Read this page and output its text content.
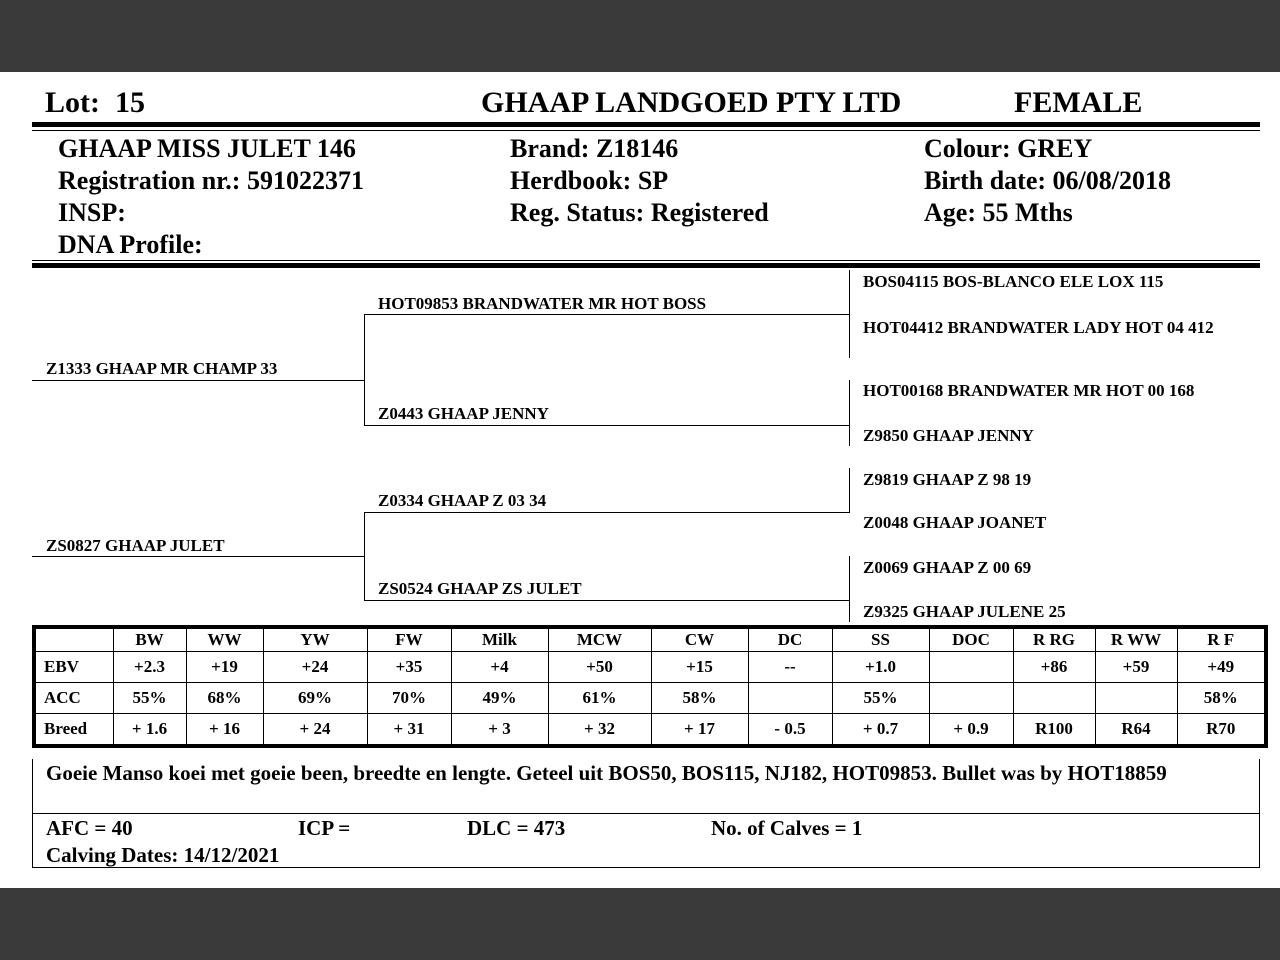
Lot: 15	GHAAP LANDGOED PTY LTD	FEMALE
GHAAP MISS JULET 146
Registration nr.: 591022371
INSP:
DNA Profile:
Brand: Z18146
Herdbook: SP
Reg. Status: Registered
Colour: GREY
Birth date: 06/08/2018
Age: 55 Mths
Z1333 GHAAP MR CHAMP 33
ZS0827 GHAAP JULET
HOT09853 BRANDWATER MR HOT BOSS
Z0443 GHAAP JENNY
Z0334 GHAAP Z 03 34
ZS0524 GHAAP ZS JULET
BOS04115 BOS-BLANCO ELE LOX 115
HOT04412 BRANDWATER LADY HOT 04 412
HOT00168 BRANDWATER MR HOT 00 168
Z9850 GHAAP JENNY
Z9819 GHAAP Z 98 19
Z0048 GHAAP JOANET
Z0069 GHAAP Z 00 69
Z9325 GHAAP JULENE 25
	BW	WW	YW	FW	Milk	MCW	CW	DC	SS	DOC	R RG	R WW	R F
EBV	+2.3	+19	+24	+35	+4	+50	+15	--	+1.0		+86	+59	+49
ACC	55%	68%	69%	70%	49%	61%	58%		55%				58%
Breed	+ 1.6	+ 16	+ 24	+ 31	+ 3	+ 32	+ 17	- 0.5	+ 0.7	+ 0.9	R100	R64	R70
Goeie Manso koei met goeie been, breedte en lengte. Geteel uit BOS50, BOS115, NJ182, HOT09853. Bullet was by HOT18859
AFC = 40	ICP =	DLC = 473	No. of Calves = 1
Calving Dates: 14/12/2021
